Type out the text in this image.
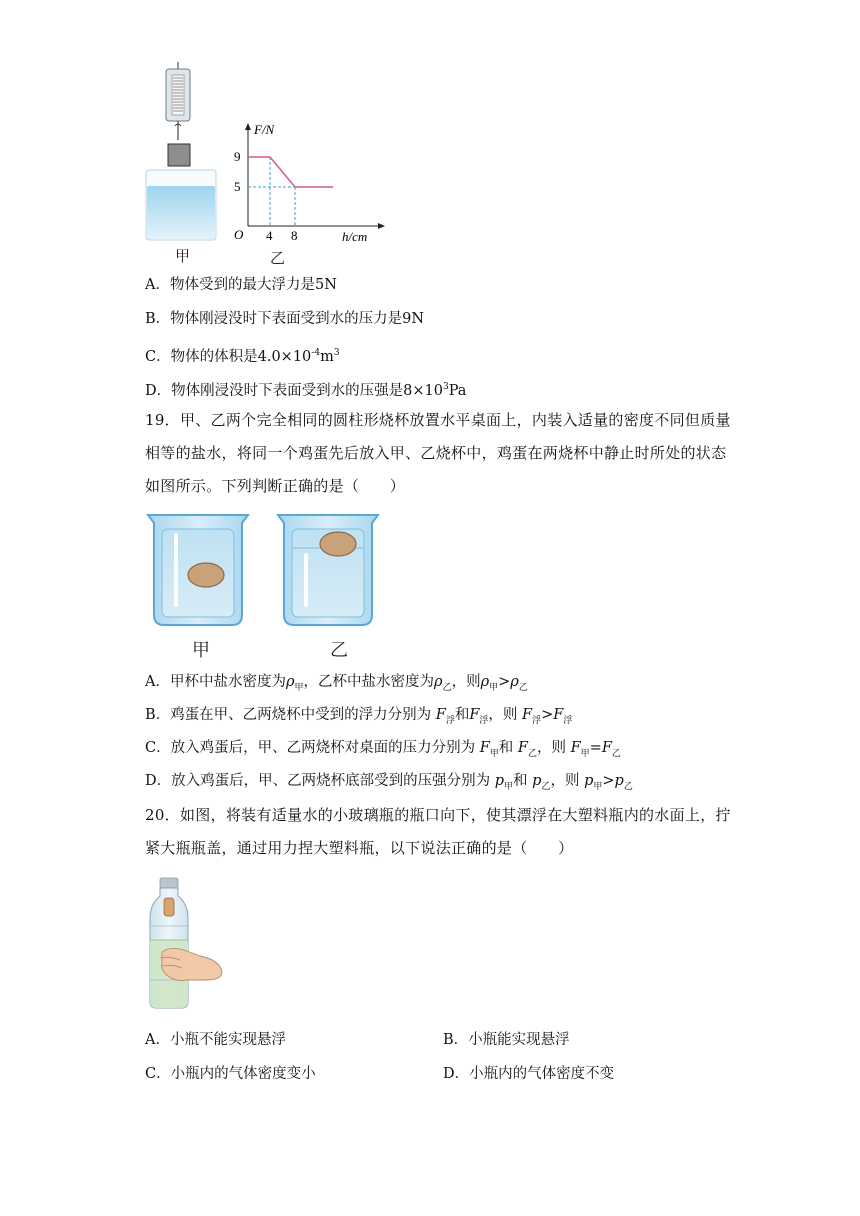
甲
F/N
9
5
O 4 8	h/cm
乙
A．物体受到的最大浮力是5N
B．物体刚浸没时下表面受到水的压力是9N
C．物体的体积是$4.0\times 10^{-4}m^3$
D．物体刚浸没时下表面受到水的压强是$8\times 10^3Pa$
19．甲、乙两个完全相同的圆柱形烧杯放置水平桌面上，内装入适量的密度不同但质量
相等的盐水，将同一个鸡蛋先后放入甲、乙烧杯中，鸡蛋在两烧杯中静止时所处的状态
如图所示。下列判断正确的是（　　）
甲	乙
A．甲杯中盐水密度为$\rho_甲$，乙杯中盐水密度为$\rho_乙$，则$\rho_甲>\rho_乙$
B．鸡蛋在甲、乙两烧杯中受到的浮力分别为 $F_浮$和$F_浮$，则 $F_浮>F_浮$
C．放入鸡蛋后，甲、乙两烧杯对桌面的压力分别为 $F_甲$和 $F_乙$，则 $F_甲=F_乙$
D．放入鸡蛋后，甲、乙两烧杯底部受到的压强分别为 $p_甲$和 $p_乙$，则 $p_甲>p_乙$
20．如图，将装有适量水的小玻璃瓶的瓶口向下，使其漂浮在大塑料瓶内的水面上，拧
紧大瓶瓶盖，通过用力捏大塑料瓶，以下说法正确的是（　　）
A．小瓶不能实现悬浮	B．小瓶能实现悬浮
C．小瓶内的气体密度变小	D．小瓶内的气体密度不变
